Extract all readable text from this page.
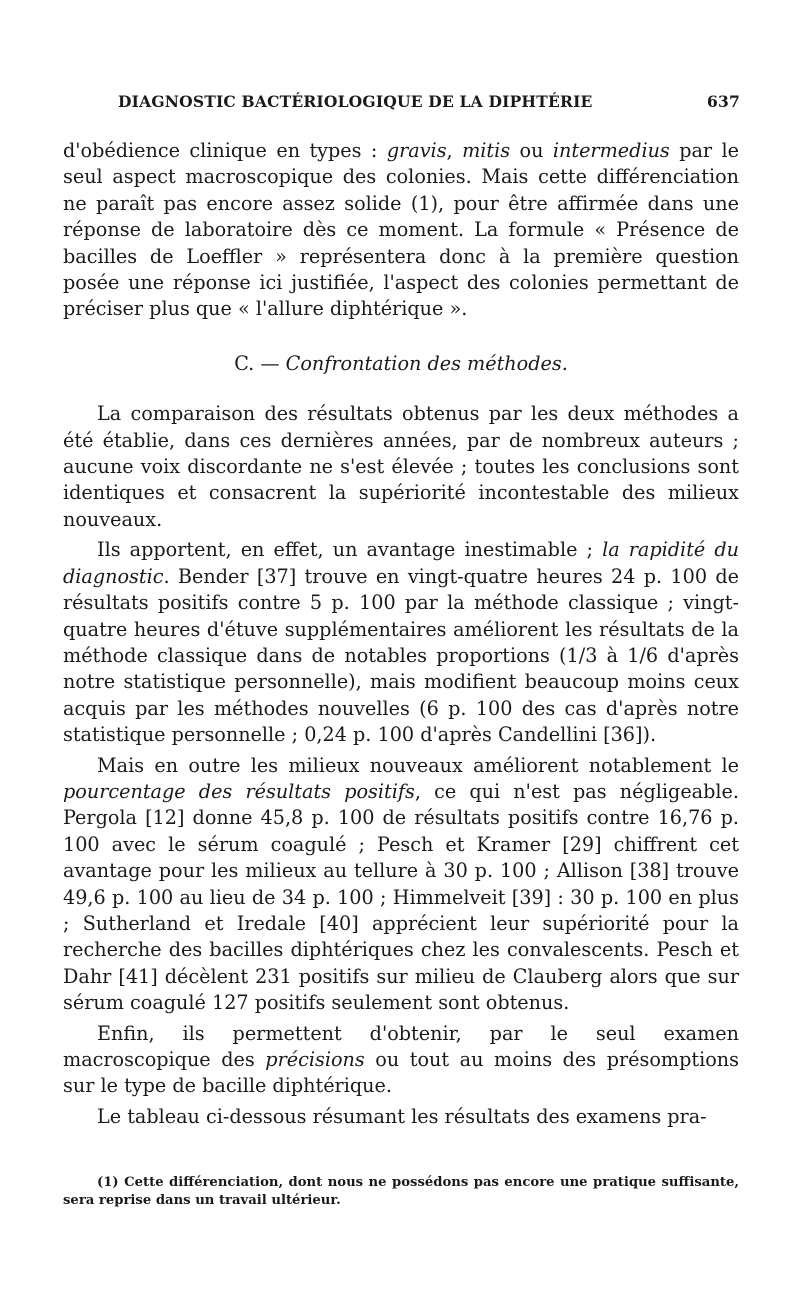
DIAGNOSTIC BACTÉRIOLOGIQUE DE LA DIPHTÉRIE	637

d'obédience clinique en types : gravis, mitis ou intermedius par le seul aspect macroscopique des colonies. Mais cette différenciation ne paraît pas encore assez solide (1), pour être affirmée dans une réponse de laboratoire dès ce moment. La formule « Présence de bacilles de Loeffler » représentera donc à la première question posée une réponse ici justifiée, l'aspect des colonies permettant de préciser plus que « l'allure diphtérique ».

C. — Confrontation des méthodes.

La comparaison des résultats obtenus par les deux méthodes a été établie, dans ces dernières années, par de nombreux auteurs ; aucune voix discordante ne s'est élevée ; toutes les conclusions sont identiques et consacrent la supériorité incontestable des milieux nouveaux.

Ils apportent, en effet, un avantage inestimable ; la rapidité du diagnostic. Bender [37] trouve en vingt-quatre heures 24 p. 100 de résultats positifs contre 5 p. 100 par la méthode classique ; vingt-quatre heures d'étuve supplémentaires améliorent les résultats de la méthode classique dans de notables proportions (1/3 à 1/6 d'après notre statistique personnelle), mais modifient beaucoup moins ceux acquis par les méthodes nouvelles (6 p. 100 des cas d'après notre statistique personnelle ; 0,24 p. 100 d'après Candellini [36]).

Mais en outre les milieux nouveaux améliorent notablement le pourcentage des résultats positifs, ce qui n'est pas négligeable. Pergola [12] donne 45,8 p. 100 de résultats positifs contre 16,76 p. 100 avec le sérum coagulé ; Pesch et Kramer [29] chiffrent cet avantage pour les milieux au tellure à 30 p. 100 ; Allison [38] trouve 49,6 p. 100 au lieu de 34 p. 100 ; Himmelveit [39] : 30 p. 100 en plus ; Sutherland et Iredale [40] apprécient leur supériorité pour la recherche des bacilles diphtériques chez les convalescents. Pesch et Dahr [41] décèlent 231 positifs sur milieu de Clauberg alors que sur sérum coagulé 127 positifs seulement sont obtenus.

Enfin, ils permettent d'obtenir, par le seul examen macroscopique des précisions ou tout au moins des présomptions sur le type de bacille diphtérique.

Le tableau ci-dessous résumant les résultats des examens pra-

(1) Cette différenciation, dont nous ne possédons pas encore une pratique suffisante, sera reprise dans un travail ultérieur.
